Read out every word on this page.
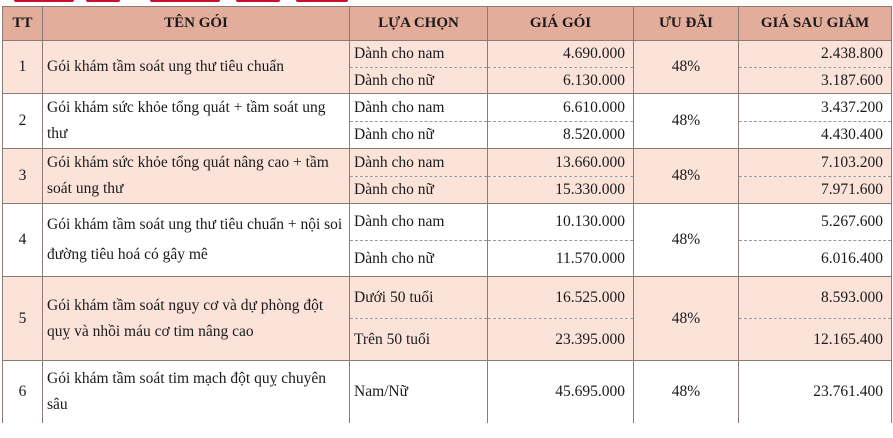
TT	TÊN GÓI	LỰA CHỌN	GIÁ GÓI	ƯU ĐÃI	GIÁ SAU GIẢM
1	Gói khám tầm soát ung thư tiêu chuẩn	Dành cho nam	4.690.000	48%	2.438.800
		Dành cho nữ	6.130.000		3.187.600
2	Gói khám sức khỏe tổng quát + tầm soát ung thư	Dành cho nam	6.610.000	48%	3.437.200
		Dành cho nữ	8.520.000		4.430.400
3	Gói khám sức khỏe tổng quát nâng cao + tầm soát ung thư	Dành cho nam	13.660.000	48%	7.103.200
		Dành cho nữ	15.330.000		7.971.600
4	Gói khám tầm soát ung thư tiêu chuẩn + nội soi đường tiêu hoá có gây mê	Dành cho nam	10.130.000	48%	5.267.600
		Dành cho nữ	11.570.000		6.016.400
5	Gói khám tầm soát nguy cơ và dự phòng đột quỵ và nhồi máu cơ tim nâng cao	Dưới 50 tuổi	16.525.000	48%	8.593.000
		Trên 50 tuổi	23.395.000		12.165.400
6	Gói khám tầm soát tim mạch đột quỵ chuyên sâu	Nam/Nữ	45.695.000	48%	23.761.400
